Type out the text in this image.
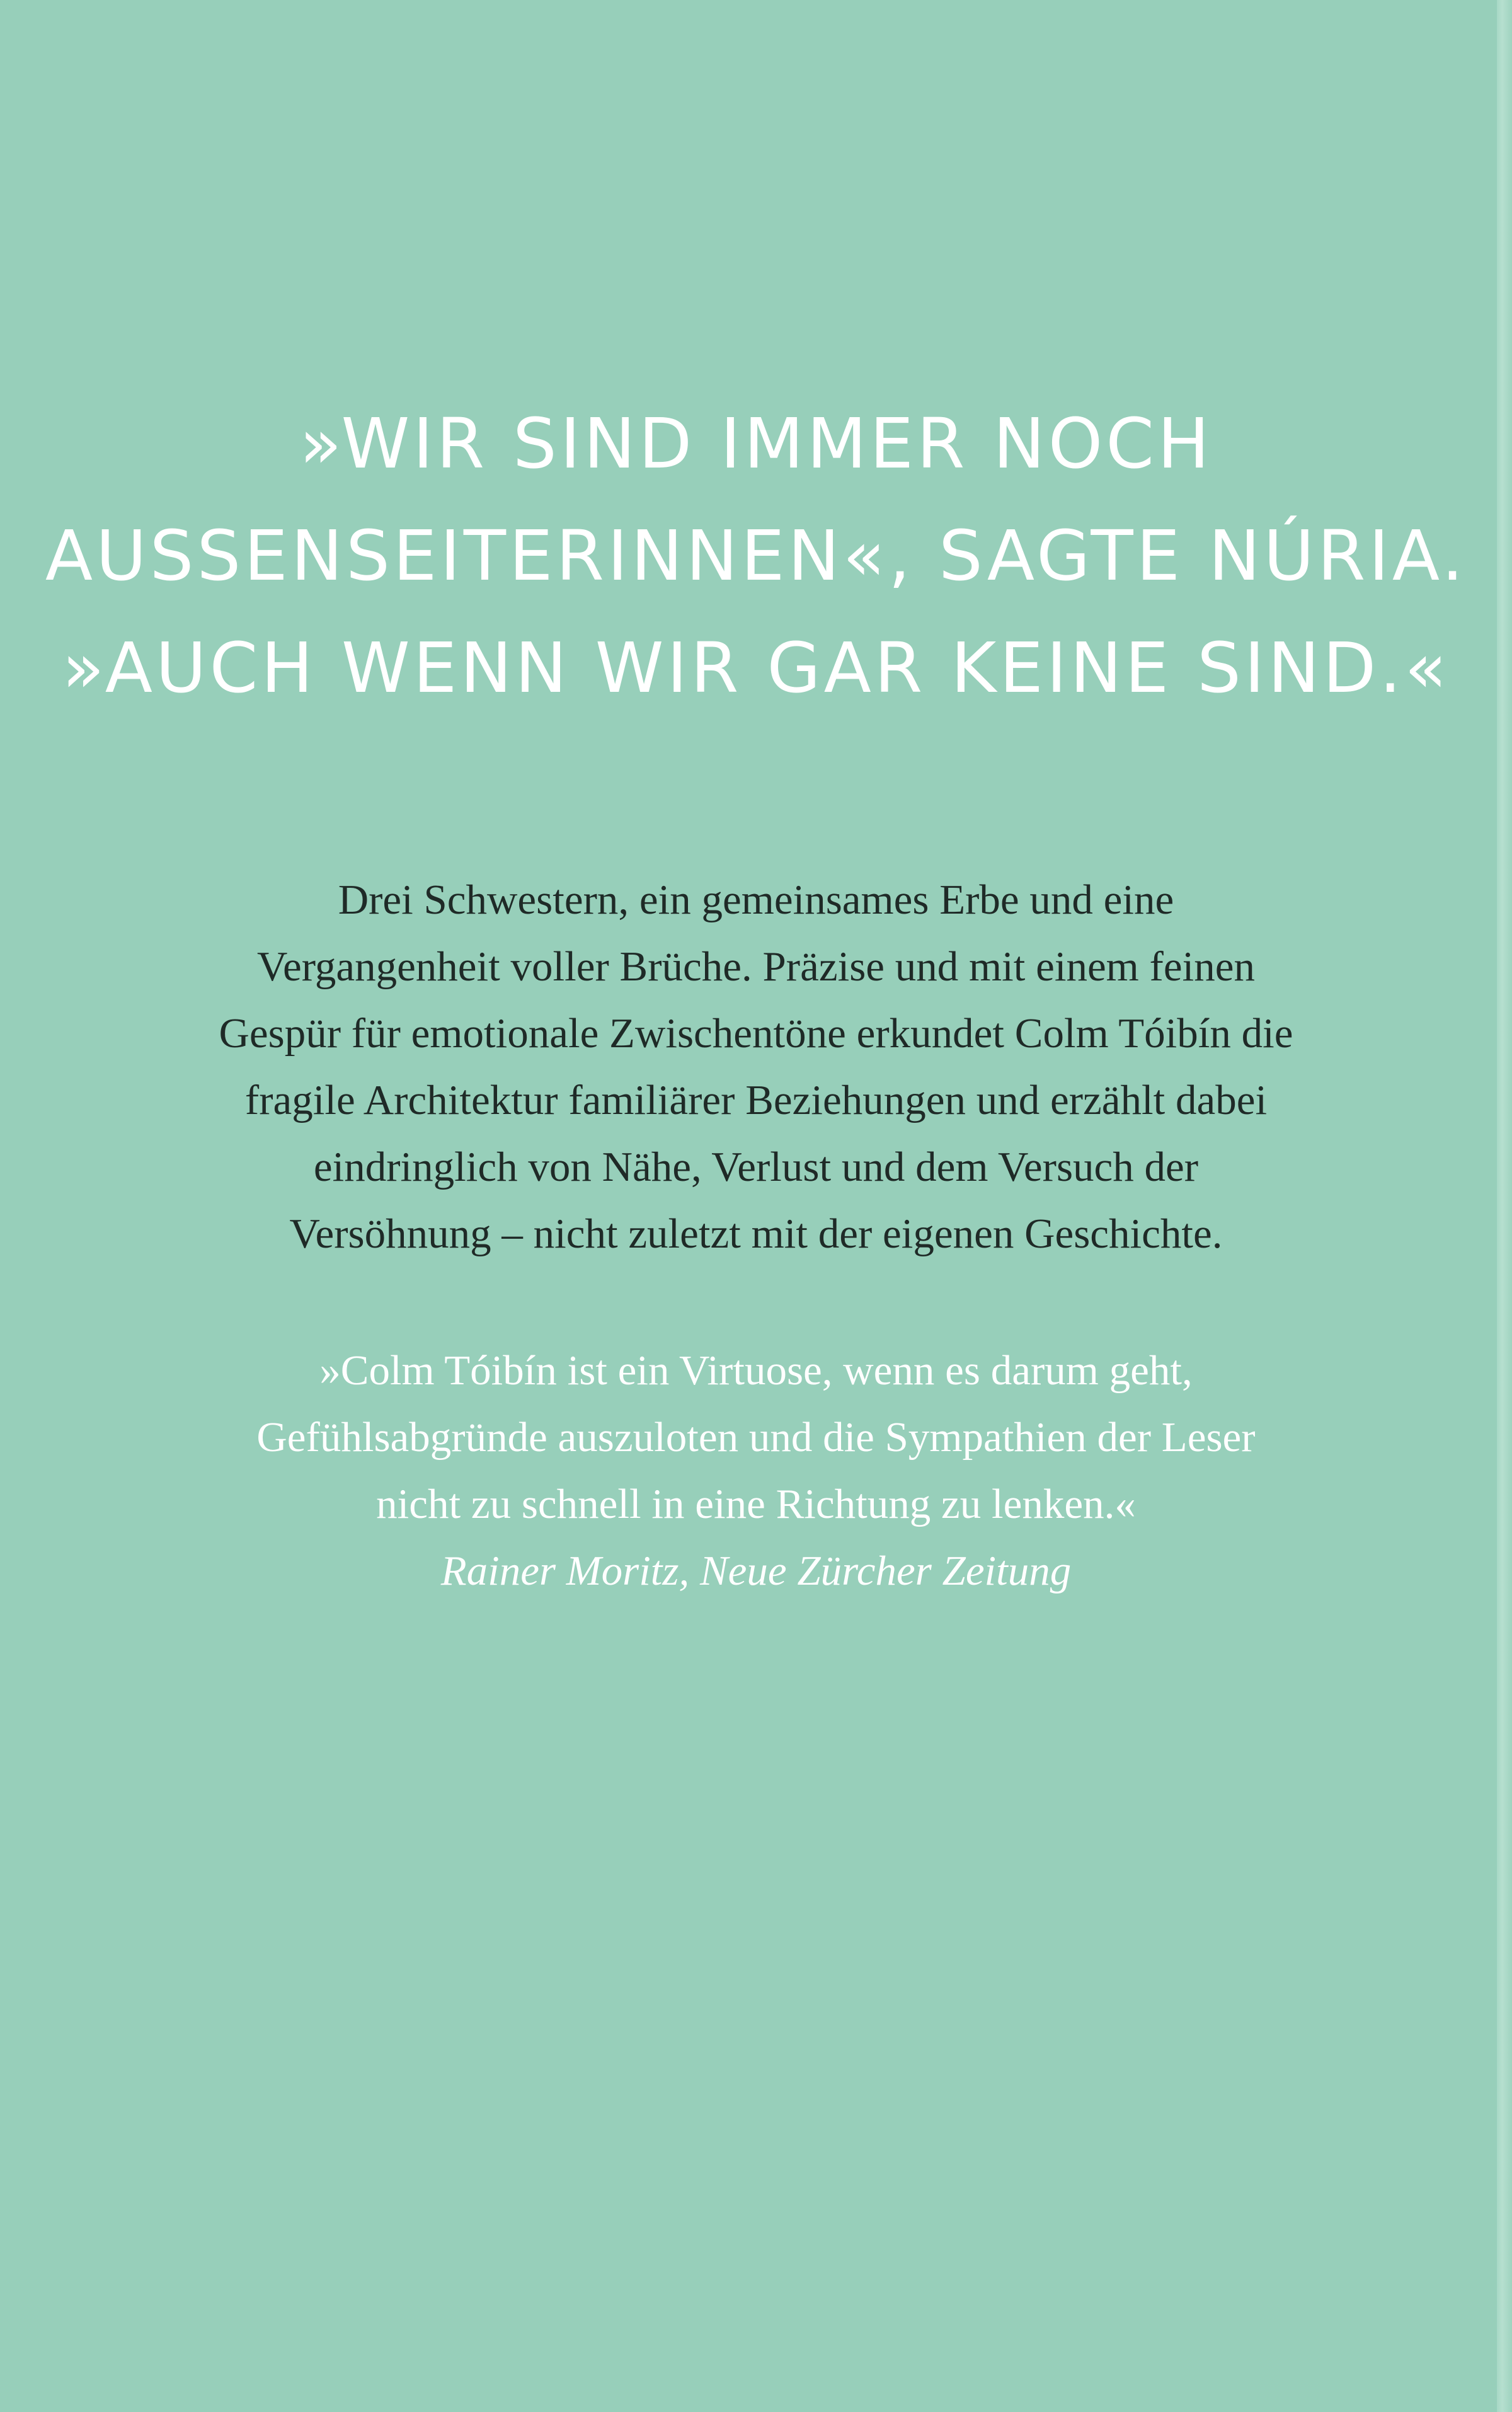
»WIR SIND IMMER NOCH
AUSSENSEITERINNEN«, SAGTE NÚRIA.
»AUCH WENN WIR GAR KEINE SIND.«
Drei Schwestern, ein gemeinsames Erbe und eine
Vergangenheit voller Brüche. Präzise und mit einem feinen
Gespür für emotionale Zwischentöne erkundet Colm Tóibín die
fragile Architektur familiärer Beziehungen und erzählt dabei
eindringlich von Nähe, Verlust und dem Versuch der
Versöhnung – nicht zuletzt mit der eigenen Geschichte.
»Colm Tóibín ist ein Virtuose, wenn es darum geht,
Gefühlsabgründe auszuloten und die Sympathien der Leser
nicht zu schnell in eine Richtung zu lenken.«
Rainer Moritz, Neue Zürcher Zeitung
